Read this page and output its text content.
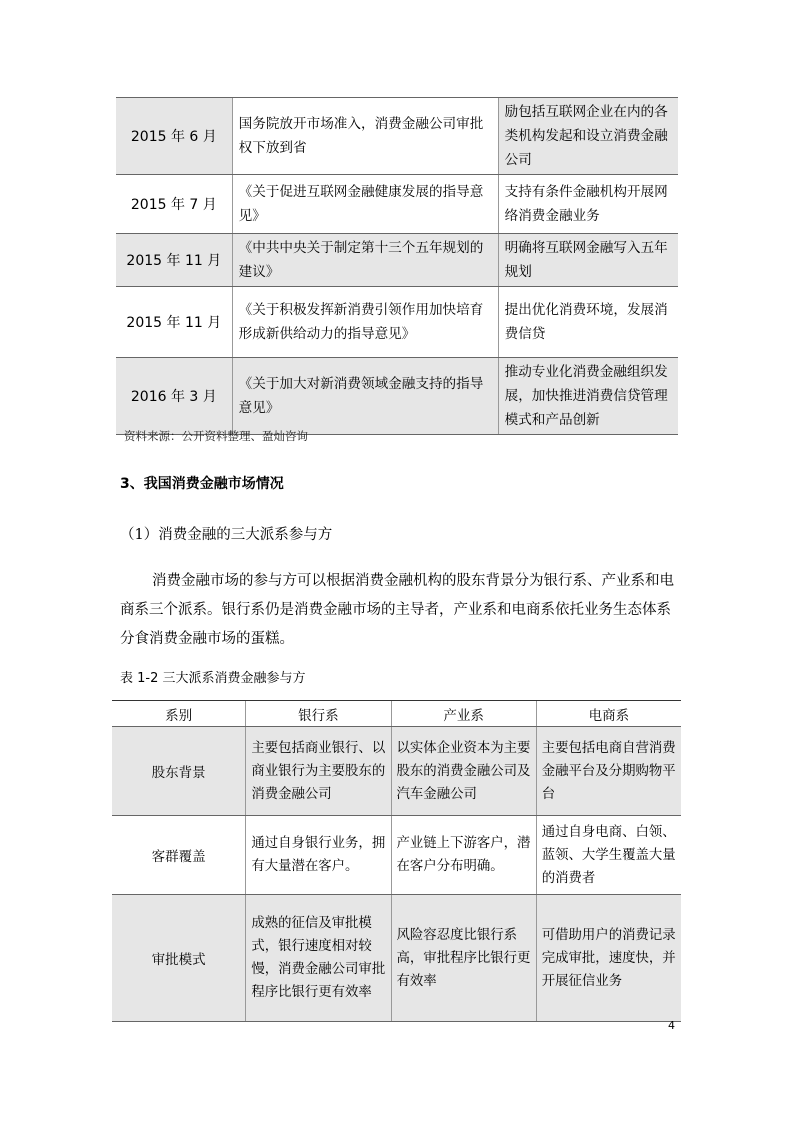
2015 年 6 月	国务院放开市场准入，消费金融公司审批权下放到省	励包括互联网企业在内的各类机构发起和设立消费金融公司

2015 年 7 月	《关于促进互联网金融健康发展的指导意见》	支持有条件金融机构开展网络消费金融业务

2015 年 11 月	《中共中央关于制定第十三个五年规划的建议》	明确将互联网金融写入五年规划

2015 年 11 月	《关于积极发挥新消费引领作用加快培育形成新供给动力的指导意见》	提出优化消费环境，发展消费信贷

2016 年 3 月	《关于加大对新消费领域金融支持的指导意见》	推动专业化消费金融组织发展，加快推进消费信贷管理模式和产品创新
资料来源：公开资料整理、盈灿咨询
3、我国消费金融市场情况
（1）消费金融的三大派系参与方
消费金融市场的参与方可以根据消费金融机构的股东背景分为银行系、产业系和电商系三个派系。银行系仍是消费金融市场的主导者，产业系和电商系依托业务生态体系分食消费金融市场的蛋糕。
表 1-2 三大派系消费金融参与方
系别	银行系	产业系	电商系
股东背景	主要包括商业银行、以商业银行为主要股东的消费金融公司	以实体企业资本为主要股东的消费金融公司及汽车金融公司	主要包括电商自营消费金融平台及分期购物平台
客群覆盖	通过自身银行业务，拥有大量潜在客户。	产业链上下游客户，潜在客户分布明确。	通过自身电商、白领、蓝领、大学生覆盖大量的消费者
审批模式	成熟的征信及审批模式，银行速度相对较慢，消费金融公司审批程序比银行更有效率	风险容忍度比银行系高，审批程序比银行更有效率	可借助用户的消费记录完成审批，速度快，并开展征信业务
4
